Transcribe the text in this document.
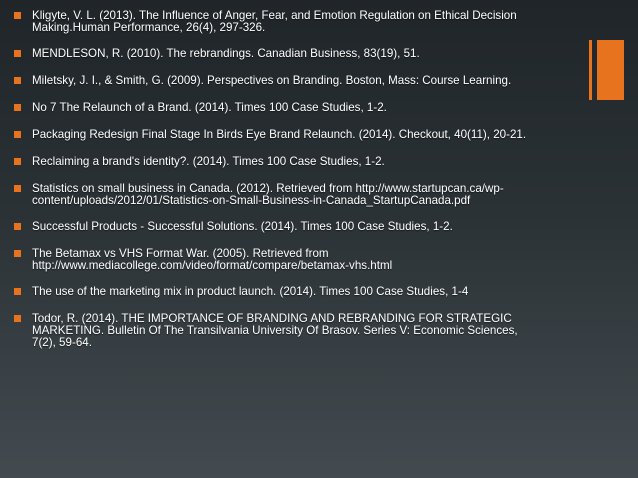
Kligyte, V. L. (2013). The Influence of Anger, Fear, and Emotion Regulation on Ethical Decision
Making.Human Performance, 26(4), 297-326.
MENDLESON, R. (2010). The rebrandings. Canadian Business, 83(19), 51.
Miletsky, J. I., & Smith, G. (2009). Perspectives on Branding. Boston, Mass: Course Learning.
No 7 The Relaunch of a Brand. (2014). Times 100 Case Studies, 1-2.
Packaging Redesign Final Stage In Birds Eye Brand Relaunch. (2014). Checkout, 40(11), 20-21.
Reclaiming a brand's identity?. (2014). Times 100 Case Studies, 1-2.
Statistics on small business in Canada. (2012). Retrieved from http://www.startupcan.ca/wp-
content/uploads/2012/01/Statistics-on-Small-Business-in-Canada_StartupCanada.pdf
Successful Products - Successful Solutions. (2014). Times 100 Case Studies, 1-2.
The Betamax vs VHS Format War. (2005). Retrieved from
http://www.mediacollege.com/video/format/compare/betamax-vhs.html
The use of the marketing mix in product launch. (2014). Times 100 Case Studies, 1-4
Todor, R. (2014). THE IMPORTANCE OF BRANDING AND REBRANDING FOR STRATEGIC
MARKETING. Bulletin Of The Transilvania University Of Brasov. Series V: Economic Sciences,
7(2), 59-64.
